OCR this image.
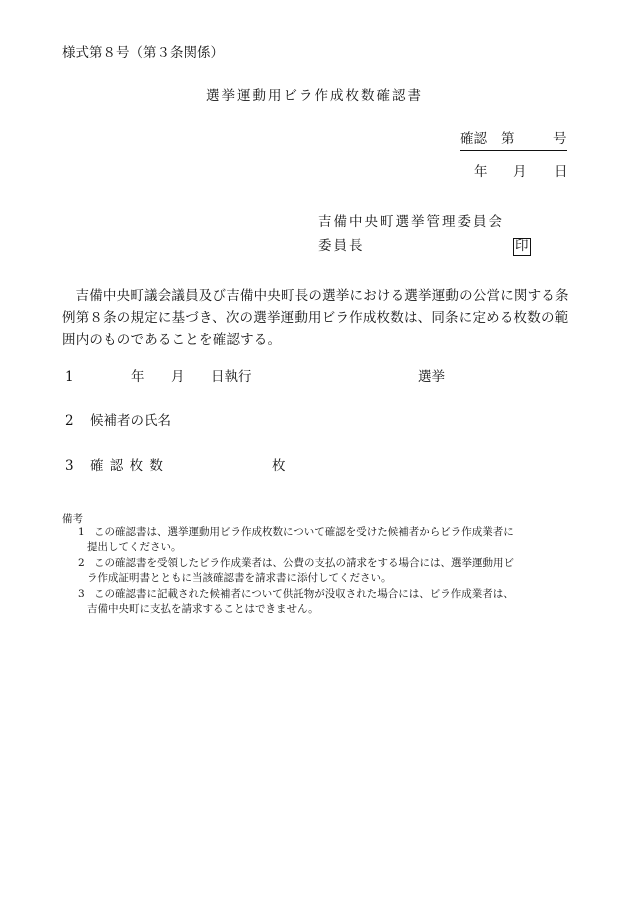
様式第８号（第３条関係）
選挙運動用ビラ作成枚数確認書
確認 第	号
年 月 日
吉備中央町選挙管理委員会
委員長	印
吉備中央町議会議員及び吉備中央町長の選挙における選挙運動の公営に関する条例第８条の規定に基づき、次の選挙運動用ビラ作成枚数は、同条に定める枚数の範囲内のものであることを確認する。
1	年 月 日執行	選挙
2 候補者の氏名
3 確 認 枚 数	枚
備考
1 この確認書は、選挙運動用ビラ作成枚数について確認を受けた候補者からビラ作成業者に
提出してください。
2 この確認書を受領したビラ作成業者は、公費の支払の請求をする場合には、選挙運動用ビ
ラ作成証明書とともに当該確認書を請求書に添付してください。
3 この確認書に記載された候補者について供託物が没収された場合には、ビラ作成業者は、
吉備中央町に支払を請求することはできません。
